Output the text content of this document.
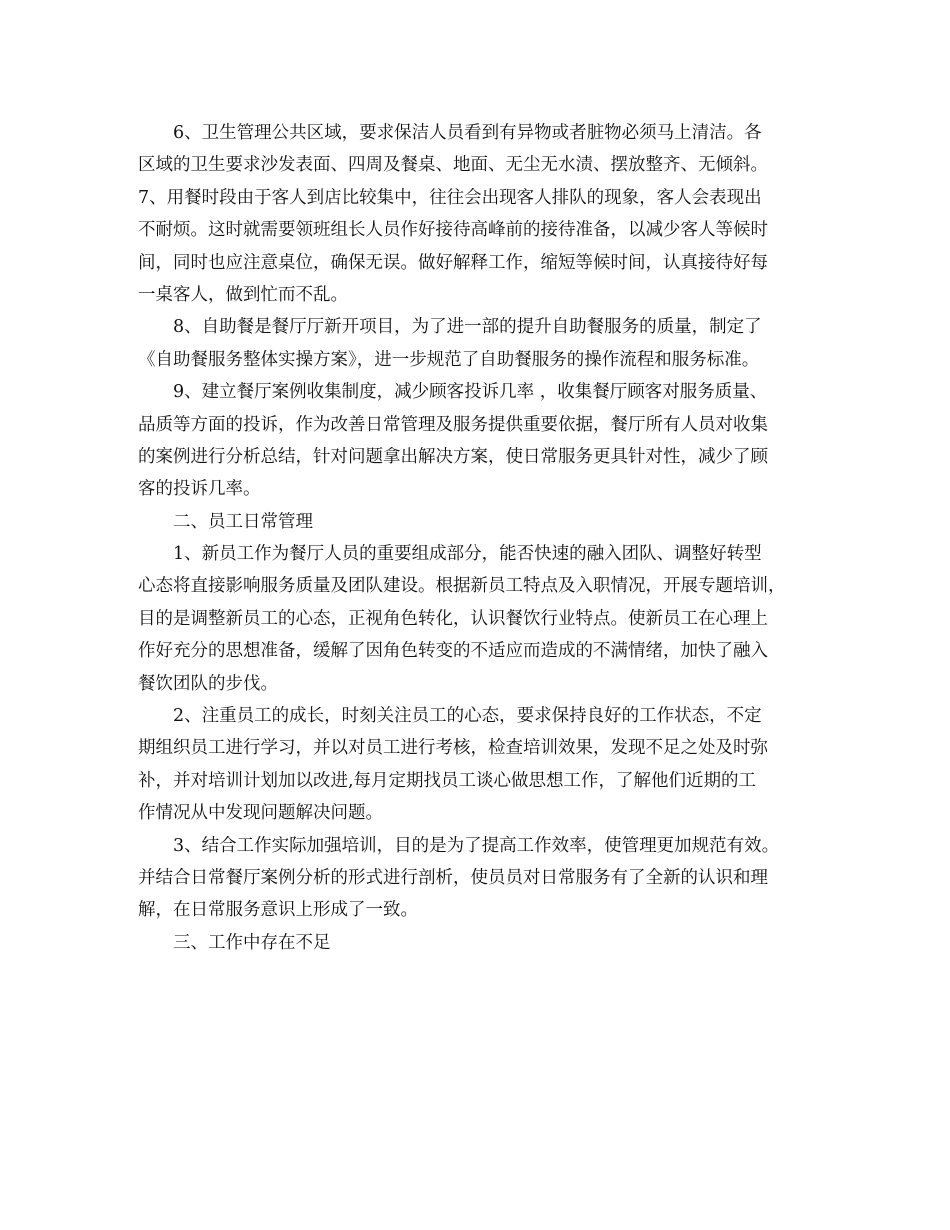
6、卫生管理公共区域，要求保洁人员看到有异物或者脏物必须马上清洁。各
区域的卫生要求沙发表面、四周及餐桌、地面、无尘无水渍、摆放整齐、无倾斜。
7、用餐时段由于客人到店比较集中，往往会出现客人排队的现象，客人会表现出
不耐烦。这时就需要领班组长人员作好接待高峰前的接待准备，以减少客人等候时
间，同时也应注意桌位，确保无误。做好解释工作，缩短等候时间，认真接待好每
一桌客人，做到忙而不乱。
8、自助餐是餐厅厅新开项目，为了进一部的提升自助餐服务的质量，制定了
《自助餐服务整体实操方案》，进一步规范了自助餐服务的操作流程和服务标准。
9、建立餐厅案例收集制度，减少顾客投诉几率 ，收集餐厅顾客对服务质量、
品质等方面的投诉，作为改善日常管理及服务提供重要依据，餐厅所有人员对收集
的案例进行分析总结，针对问题拿出解决方案，使日常服务更具针对性，减少了顾
客的投诉几率。
二、员工日常管理
1、新员工作为餐厅人员的重要组成部分，能否快速的融入团队、调整好转型
心态将直接影响服务质量及团队建设。根据新员工特点及入职情况，开展专题培训，
目的是调整新员工的心态，正视角色转化，认识餐饮行业特点。使新员工在心理上
作好充分的思想准备，缓解了因角色转变的不适应而造成的不满情绪，加快了融入
餐饮团队的步伐。
2、注重员工的成长，时刻关注员工的心态，要求保持良好的工作状态，不定
期组织员工进行学习，并以对员工进行考核，检查培训效果，发现不足之处及时弥
补，并对培训计划加以改进,每月定期找员工谈心做思想工作，了解他们近期的工
作情况从中发现问题解决问题。
3、结合工作实际加强培训，目的是为了提高工作效率，使管理更加规范有效。
并结合日常餐厅案例分析的形式进行剖析，使员员对日常服务有了全新的认识和理
解，在日常服务意识上形成了一致。
三、工作中存在不足
